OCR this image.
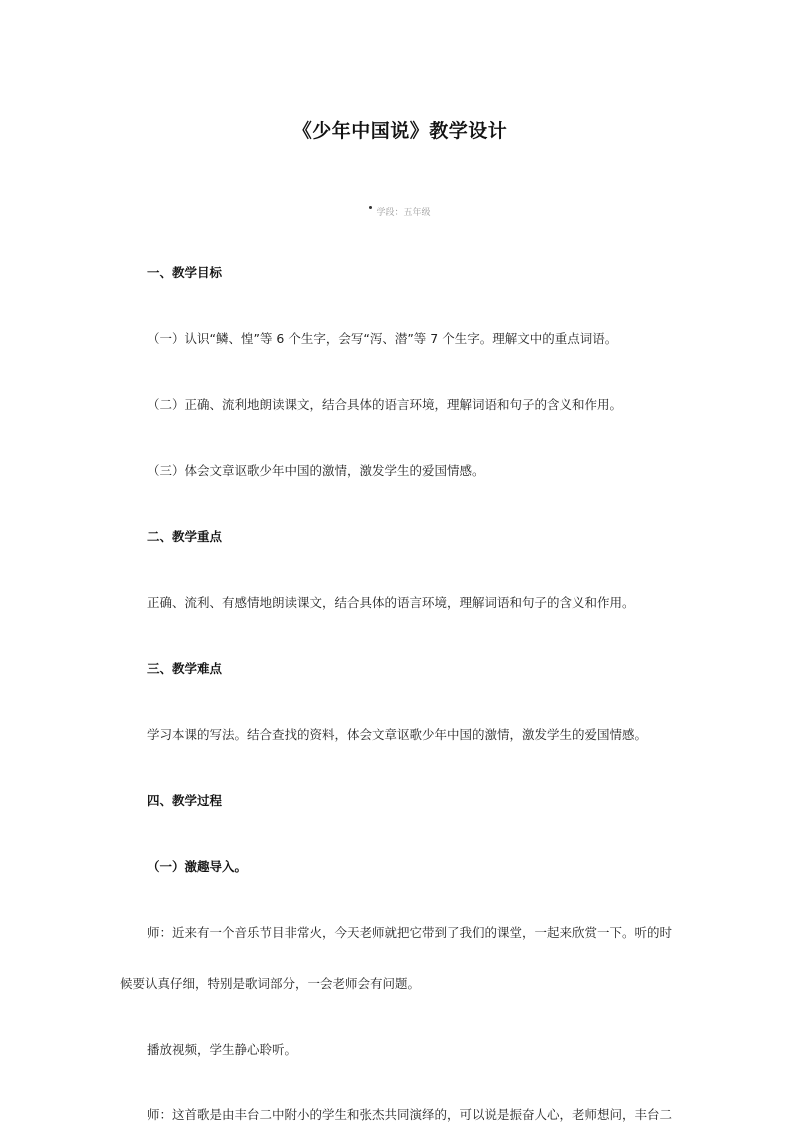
《少年中国说》教学设计
学段：五年级
一、教学目标
（一）认识“鳞、惶”等 6 个生字，会写“泻、潜”等 7 个生字。理解文中的重点词语。
（二）正确、流利地朗读课文，结合具体的语言环境，理解词语和句子的含义和作用。
（三）体会文章讴歌少年中国的激情，激发学生的爱国情感。
二、教学重点
正确、流利、有感情地朗读课文，结合具体的语言环境，理解词语和句子的含义和作用。
三、教学难点
学习本课的写法。结合查找的资料，体会文章讴歌少年中国的激情，激发学生的爱国情感。
四、教学过程
（一）激趣导入。
师：近来有一个音乐节目非常火，今天老师就把它带到了我们的课堂，一起来欣赏一下。听的时
候要认真仔细，特别是歌词部分，一会老师会有问题。
播放视频，学生静心聆听。
师：这首歌是由丰台二中附小的学生和张杰共同演绎的，可以说是振奋人心，老师想问，丰台二
